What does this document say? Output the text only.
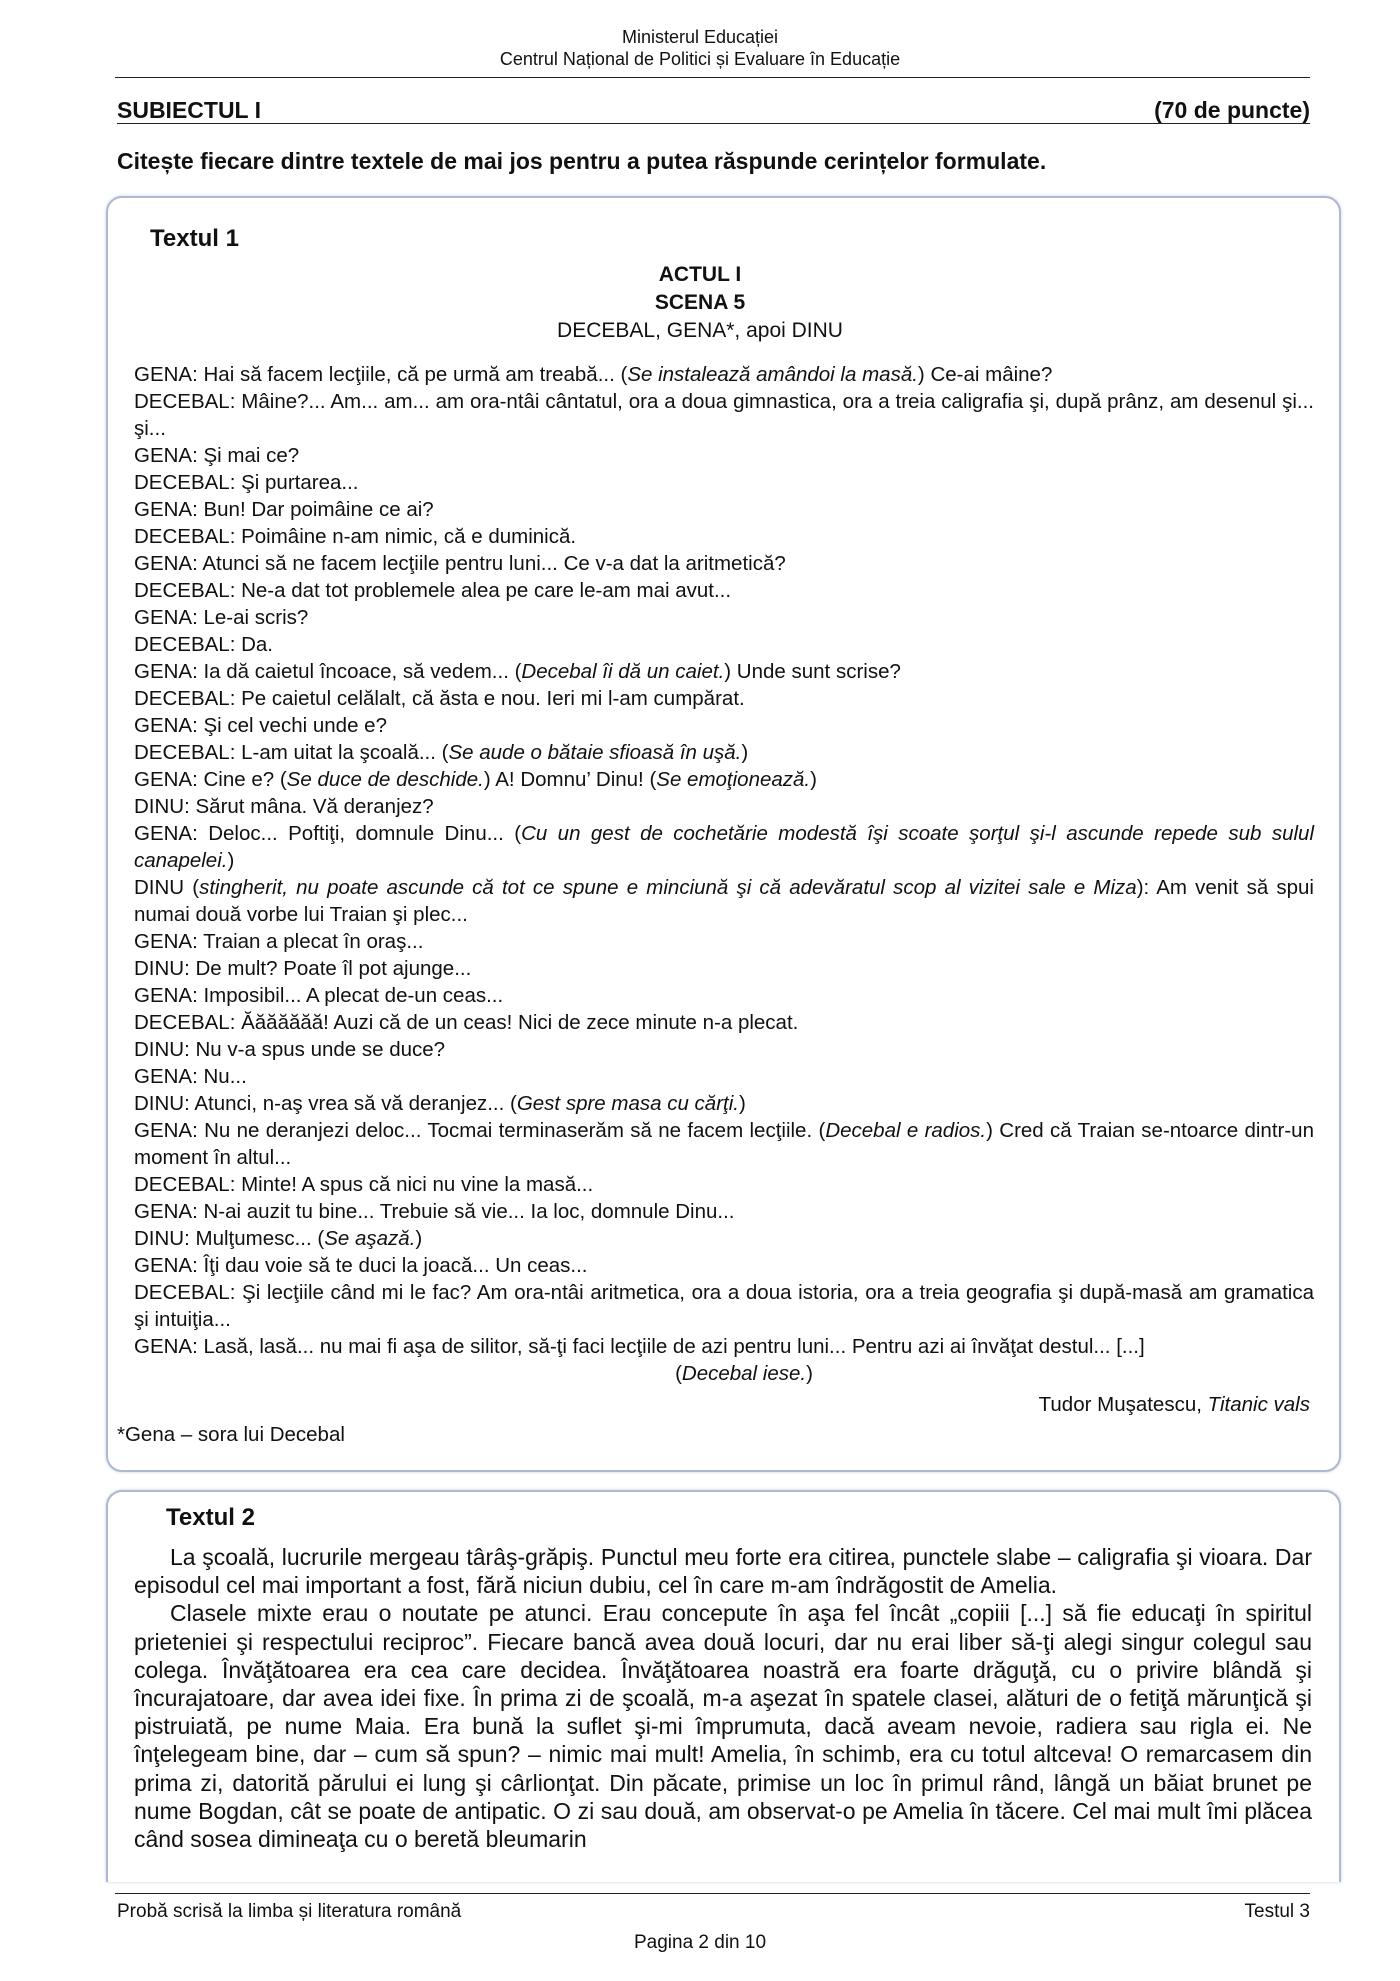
Ministerul Educației
Centrul Național de Politici și Evaluare în Educație
SUBIECTUL I	(70 de puncte)
Citește fiecare dintre textele de mai jos pentru a putea răspunde cerințelor formulate.
Textul 1
ACTUL I
SCENA 5
DECEBAL, GENA*, apoi DINU
GENA: Hai să facem lecţiile, că pe urmă am treabă... (Se instalează amândoi la masă.) Ce-ai mâine?
DECEBAL: Mâine?... Am... am... am ora-ntâi cântatul, ora a doua gimnastica, ora a treia caligrafia şi, după prânz, am desenul şi... şi...
GENA: Şi mai ce?
DECEBAL: Şi purtarea...
GENA: Bun! Dar poimâine ce ai?
DECEBAL: Poimâine n-am nimic, că e duminică.
GENA: Atunci să ne facem lecţiile pentru luni... Ce v-a dat la aritmetică?
DECEBAL: Ne-a dat tot problemele alea pe care le-am mai avut...
GENA: Le-ai scris?
DECEBAL: Da.
GENA: Ia dă caietul încoace, să vedem... (Decebal îi dă un caiet.) Unde sunt scrise?
DECEBAL: Pe caietul celălalt, că ăsta e nou. Ieri mi l-am cumpărat.
GENA: Şi cel vechi unde e?
DECEBAL: L-am uitat la şcoală... (Se aude o bătaie sfioasă în uşă.)
GENA: Cine e? (Se duce de deschide.) A! Domnu’ Dinu! (Se emoţionează.)
DINU: Sărut mâna. Vă deranjez?
GENA: Deloc... Poftiţi, domnule Dinu... (Cu un gest de cochetărie modestă îşi scoate şorţul şi-l ascunde repede sub sulul canapelei.)
DINU (stingherit, nu poate ascunde că tot ce spune e minciună şi că adevăratul scop al vizitei sale e Miza): Am venit să spui numai două vorbe lui Traian şi plec...
GENA: Traian a plecat în oraş...
DINU: De mult? Poate îl pot ajunge...
GENA: Imposibil... A plecat de-un ceas...
DECEBAL: Ăăăăăăă! Auzi că de un ceas! Nici de zece minute n-a plecat.
DINU: Nu v-a spus unde se duce?
GENA: Nu...
DINU: Atunci, n-aş vrea să vă deranjez... (Gest spre masa cu cărţi.)
GENA: Nu ne deranjezi deloc... Tocmai terminaserăm să ne facem lecţiile. (Decebal e radios.) Cred că Traian se-ntoarce dintr-un moment în altul...
DECEBAL: Minte! A spus că nici nu vine la masă...
GENA: N-ai auzit tu bine... Trebuie să vie... Ia loc, domnule Dinu...
DINU: Mulţumesc... (Se aşază.)
GENA: Îţi dau voie să te duci la joacă... Un ceas...
DECEBAL: Şi lecţiile când mi le fac? Am ora-ntâi aritmetica, ora a doua istoria, ora a treia geografia şi după-masă am gramatica şi intuiţia...
GENA: Lasă, lasă... nu mai fi aşa de silitor, să-ţi faci lecţiile de azi pentru luni... Pentru azi ai învăţat destul... [...]
(Decebal iese.)
Tudor Muşatescu, Titanic vals
*Gena – sora lui Decebal
Textul 2

La şcoală, lucrurile mergeau târâş-grăpiş. Punctul meu forte era citirea, punctele slabe – caligrafia şi vioara. Dar episodul cel mai important a fost, fără niciun dubiu, cel în care m-am îndrăgostit de Amelia.

Clasele mixte erau o noutate pe atunci. Erau concepute în aşa fel încât „copiii [...] să fie educaţi în spiritul prieteniei şi respectului reciproc”. Fiecare bancă avea două locuri, dar nu erai liber să-ţi alegi singur colegul sau colega. Învăţătoarea era cea care decidea. Învăţătoarea noastră era foarte drăguţă, cu o privire blândă şi încurajatoare, dar avea idei fixe. În prima zi de şcoală, m-a aşezat în spatele clasei, alături de o fetiţă mărunţică şi pistruiată, pe nume Maia. Era bună la suflet şi-mi împrumuta, dacă aveam nevoie, radiera sau rigla ei. Ne înţelegeam bine, dar – cum să spun? – nimic mai mult! Amelia, în schimb, era cu totul altceva! O remarcasem din prima zi, datorită părului ei lung şi cârlionţat. Din păcate, primise un loc în primul rând, lângă un băiat brunet pe nume Bogdan, cât se poate de antipatic. O zi sau două, am observat-o pe Amelia în tăcere. Cel mai mult îmi plăcea când sosea dimineaţa cu o beretă bleumarin

Probă scrisă la limba și literatura română	Testul 3
Pagina 2 din 10
